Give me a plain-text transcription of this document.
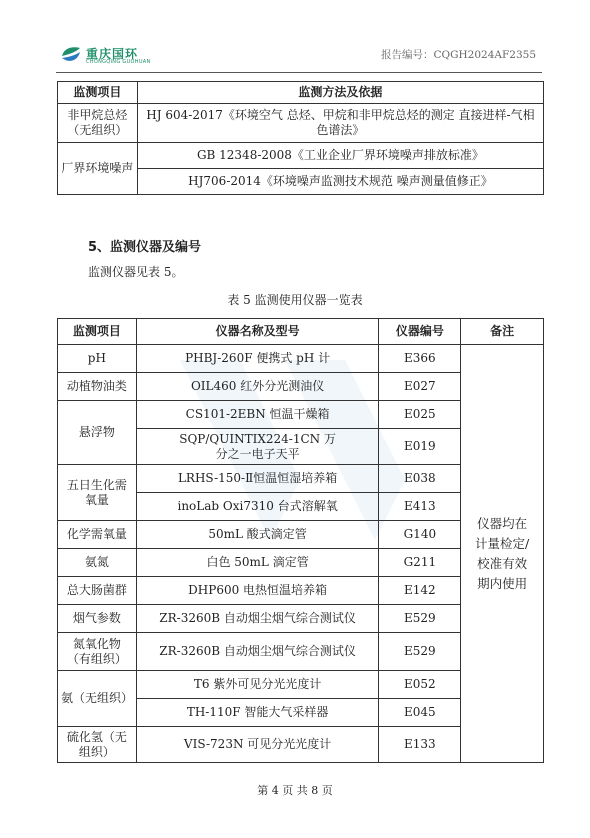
重庆国环
CHONGQING GUOHUAN
报告编号：CQGH2024AF2355
监测项目	监测方法及依据
非甲烷总烃（无组织）	HJ 604-2017《环境空气 总烃、甲烷和非甲烷总烃的测定 直接进样-气相色谱法》
厂界环境噪声	GB 12348-2008《工业企业厂界环境噪声排放标准》
	HJ706-2014《环境噪声监测技术规范 噪声测量值修正》
5、监测仪器及编号
监测仪器见表 5。
表 5 监测使用仪器一览表
监测项目	仪器名称及型号	仪器编号	备注
pH	PHBJ-260F 便携式 pH 计	E366	仪器均在计量检定/校准有效期内使用
动植物油类	OIL460 红外分光测油仪	E027	
悬浮物	CS101-2EBN 恒温干燥箱	E025	
	SQP/QUINTIX224-1CN 万分之一电子天平	E019	
五日生化需氧量	LRHS-150-Ⅱ恒温恒湿培养箱	E038	
	inoLab Oxi7310 台式溶解氧	E413	
化学需氧量	50mL 酸式滴定管	G140	
氨氮	白色 50mL 滴定管	G211	
总大肠菌群	DHP600 电热恒温培养箱	E142	
烟气参数	ZR-3260B 自动烟尘烟气综合测试仪	E529	
氮氧化物（有组织）	ZR-3260B 自动烟尘烟气综合测试仪	E529	
氨（无组织）	T6 紫外可见分光光度计	E052	
	TH-110F 智能大气采样器	E045	
硫化氢（无组织）	VIS-723N 可见分光光度计	E133	
第 4 页 共 8 页
